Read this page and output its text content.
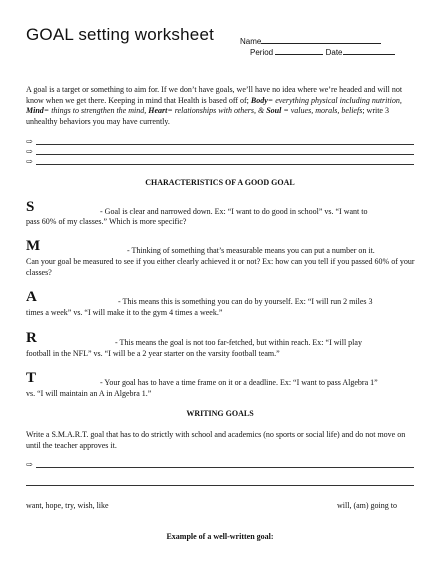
GOAL setting worksheet	Name
Period	Date
A goal is a target or something to aim for. If we don’t have goals, we’ll have no idea where we’re headed and will not know when we get there. Keeping in mind that Health is based off of; Body= everything physical including nutrition, Mind= things to strengthen the mind, Heart= relationships with others, & Soul = values, morals, beliefs; write 3 unhealthy behaviors you may have currently.
⇨
⇨
⇨
CHARACTERISTICS OF A GOOD GOAL
S	- Goal is clear and narrowed down. Ex: “I want to do good in school” vs. “I want to
pass 60% of my classes.” Which is more specific?
M	- Thinking of something that’s measurable means you can put a number on it.
Can your goal be measured to see if you either clearly achieved it or not? Ex: how can you tell if you passed 60% of your classes?
A	- This means this is something you can do by yourself. Ex: “I will run 2 miles 3
times a week” vs. “I will make it to the gym 4 times a week.”
R	- This means the goal is not too far-fetched, but within reach. Ex: “I will play
football in the NFL” vs. “I will be a 2 year starter on the varsity football team.”
T	- Your goal has to have a time frame on it or a deadline. Ex: “I want to pass Algebra 1”
vs. “I will maintain an A in Algebra 1.”
WRITING GOALS
Write a S.M.A.R.T. goal that has to do strictly with school and academics (no sports or social life) and do not move on until the teacher approves it.
⇨
want, hope, try, wish, like	will, (am) going to
Example of a well-written goal:
